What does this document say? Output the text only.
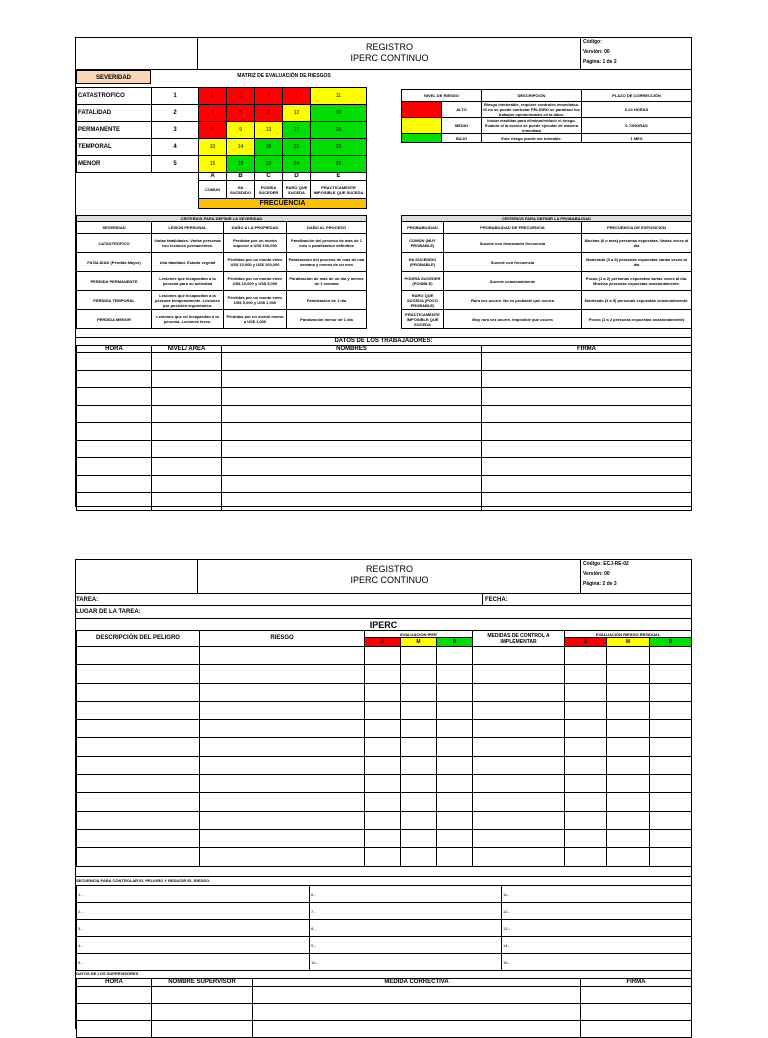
REGISTRO
IPERC CONTINUO
Código:
Versión: 00
Página: 1 de 2
SEVERIDAD	MATRIZ DE EVALUACIÓN DE RIESGOS
CATASTROFICO	1	1	2	4	7	11
FATALIDAD	2	3	5	8	12	16
PERMANENTE	3	6	9	13	17	20
TEMPORAL	4	10	14	18	21	23
MENOR	5	15	19	22	24	25
A	B	C	D	E
COMUN	HA SUCEDIDO	PODRIA SUCEDER	RARO QUE SUCEDA	PRACTICAMENTE IMPOSIBLE QUE SUCEDA
FRECUENCIA				
NIVEL DE RIESGO		DESCRIPCIÓN	PLAZO DE CORRECCIÓN
	ALTO	Riesgo intolerable, requiere controles inmediatos. Si no se puede controlar PELIGRO se paralizan los trabajos operacionales en la labor.	0-24 HORAS
	MEDIO	Iniciar medidas para eliminar/reducir el riesgo. Evaluar si la acción se puede ejecutar de manera inmediata	0-72HORAS
	BAJO	Este riesgo puede ser tolerable.	1 MES
CRITERIOS PARA DEFINIR LA SEVERIDAD			
SEVERIDAD	LESION PERSONAL	DAÑO A LA PROPIEDAD	DAÑO AL PROCESO
CATASTROFICO	Varias fatalidades. Varias personas con lesiones permanentes.	Pérdidas por un monto superior a US$ 100,000	Paralización del proceso de mas de 1 mes o paralizacion definitiva
FATALIDAD (Perdida Mayor)	Una fatalidad. Estado vegetal	Pérdidas por un monto entre US$ 10,000 y US$ 100,000	Paralización del proceso de mas de una semana y menos de un mes
PERDIDA PERMANENTE	Lesiones que incapacitan a la persona para su actividad	Pérdidas por un monto entre US$ 10,000 y US$ 5,000	Paralización de mas de un día y menos de 1 semana
PERDIDA TEMPORAL	Lesiones que incapacitan a la persona temporalmente. Lesiones por posición ergonómica.	Pérdidas por un monto entre US$ 5,000 y US$ 1,000	Paralización de 1 día
PERDIDA MENOR	Lesiones que no incapacitan a la persona. Lesiones leves.	Pérdidas por un monto menor a US$ 1,000	Paralización menor de 1 día
CRITERIOS PARA DEFINIR LA PROBABILIDAD		
PROBABILIDAD	PROBABILIDAD DE FRECUENCIA	FRECUENCIA DE EXPOSICION
COMÚN (MUY PROBABLE)	Sucede con demasiado frecuencia	Muchas (6 o más) personas expuestas. Varias veces al día
HA SUCEDIDO (PROBABLE)	Sucede con frecuencia	Moderado (3 a 5) personas expuestas varias veces al día
PODRIA SUCEDER (POSIBLE)	Sucede ocasionalmente	Pocas (1 a 2) personas expuestas varias veces al día. Muchas personas expuestas ocasionalmente.
RARO QUE SUCEDA (POCO PROBABLE)	Rara vez ocurre. No es probable que ocurra	Moderado (3 a 5) personas expuestas ocasionalmente.
PRACTICAMENTE IMPOSIBLE QUE SUCEDA	Muy rara vez ocurre. Imposible que ocurra	Pocos (1 a 2 personas expuestas ocasionalmente)
DATOS DE LOS TRABAJADORES:
HORA	NIVEL/ AREA	NOMBRES	FIRMA

REGISTRO
IPERC CONTINUO
Código: ECJ-RE-02
Versión: 00
Página: 2 de 3
TAREA:	FECHA:
LUGAR DE LA TAREA:
IPERC
DESCRIPCIÓN DEL PELIGRO	RIESGO	EVALUACION IPER			MEDIDAS DE CONTROL A IMPLEMENTAR	EVALUACIÓN RIESGO RESIDUAL		
		A	M	B		A	M	B

SECUENCIA PARA CONTROLAR EL PELIGRO Y REDUCIR EL RIESGO.
1.-	6.-	11.-
2.-	7.-	12.-
3.-	8.-	13.-
4.-	9.-	14.-
5.-	10.-	15.-
DATOS DE LOS SUPERVISORES
HORA	NOMBRE SUPERVISOR	MEDIDA CORRECTIVA	FIRMA
